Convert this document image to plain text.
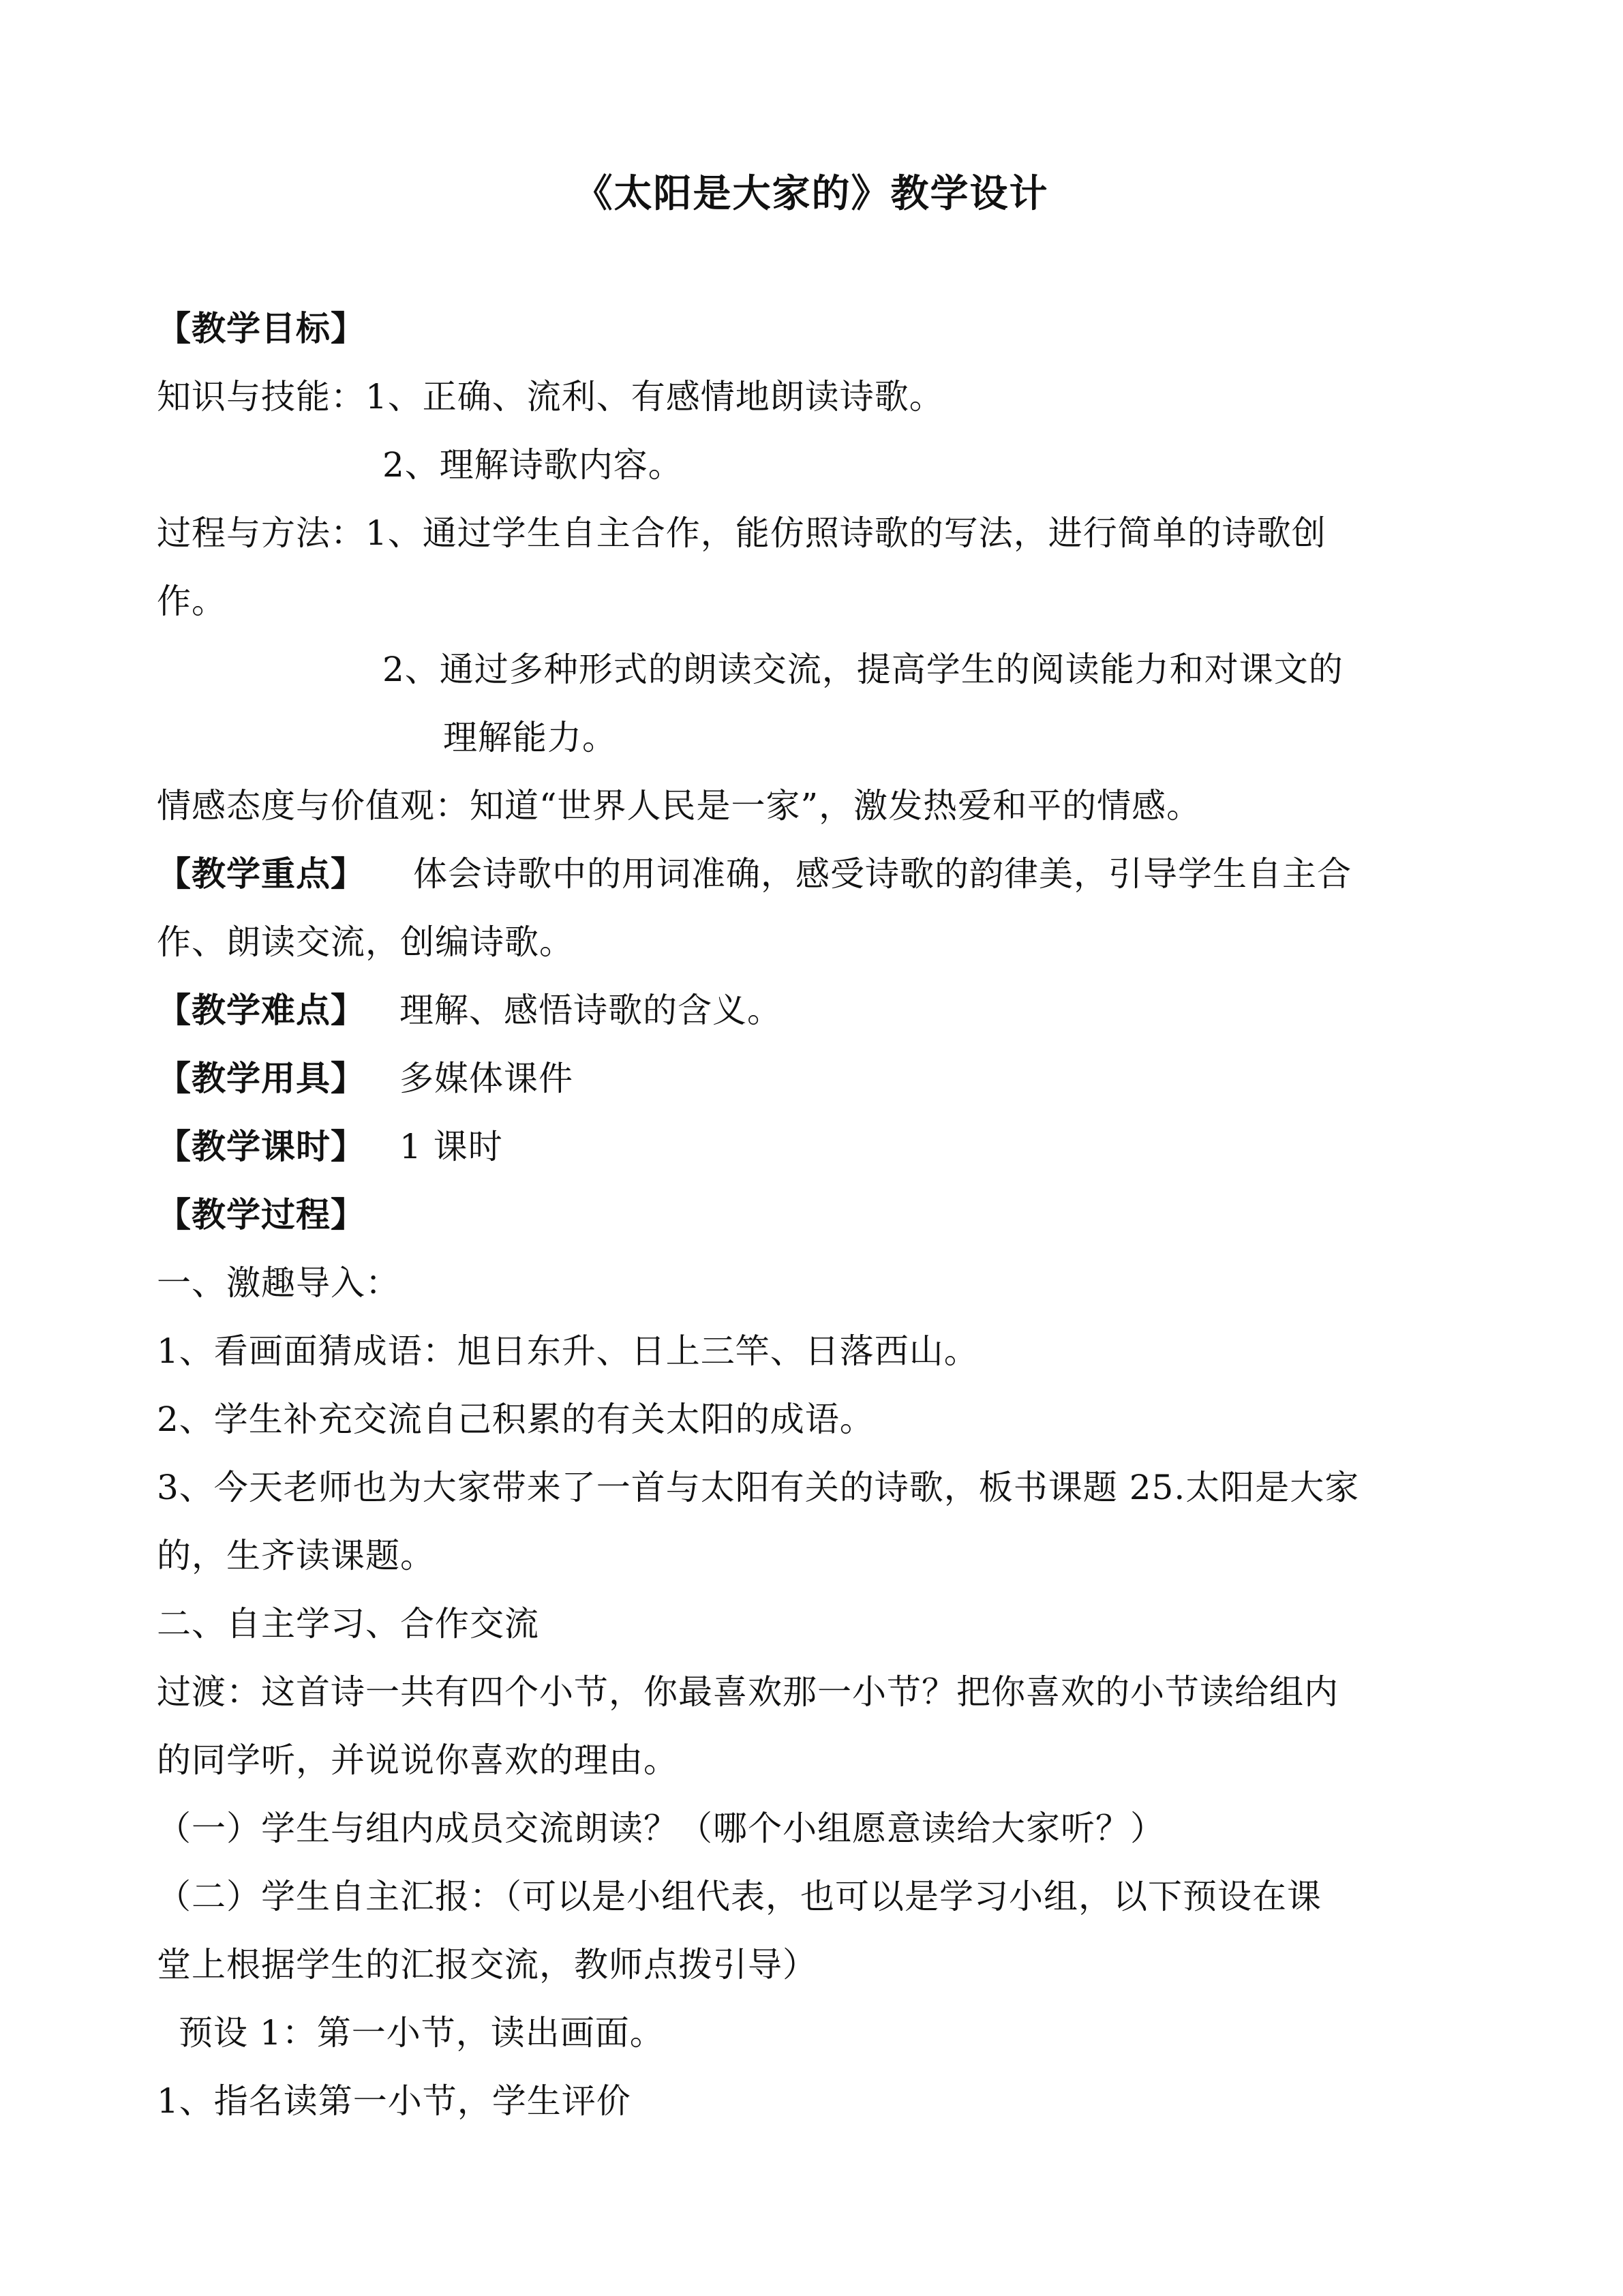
《太阳是大家的》教学设计
【教学目标】
知识与技能：1、正确、流利、有感情地朗读诗歌。
2、理解诗歌内容。
过程与方法：1、通过学生自主合作，能仿照诗歌的写法，进行简单的诗歌创
作。
2、通过多种形式的朗读交流，提高学生的阅读能力和对课文的
理解能力。
情感态度与价值观：知道“世界人民是一家”，激发热爱和平的情感。
【教学重点】 体会诗歌中的用词准确，感受诗歌的韵律美，引导学生自主合
作、朗读交流，创编诗歌。
【教学难点】 理解、感悟诗歌的含义。
【教学用具】 多媒体课件
【教学课时】 1 课时
【教学过程】
一、激趣导入：
1、看画面猜成语：旭日东升、日上三竿、日落西山。
2、学生补充交流自己积累的有关太阳的成语。
3、今天老师也为大家带来了一首与太阳有关的诗歌，板书课题 25.太阳是大家
的，生齐读课题。
二、自主学习、合作交流
过渡：这首诗一共有四个小节，你最喜欢那一小节？把你喜欢的小节读给组内
的同学听，并说说你喜欢的理由。
（一）学生与组内成员交流朗读？（哪个小组愿意读给大家听？）
（二）学生自主汇报：（可以是小组代表，也可以是学习小组，以下预设在课
堂上根据学生的汇报交流，教师点拨引导）
预设 1：第一小节，读出画面。
1、指名读第一小节，学生评价
